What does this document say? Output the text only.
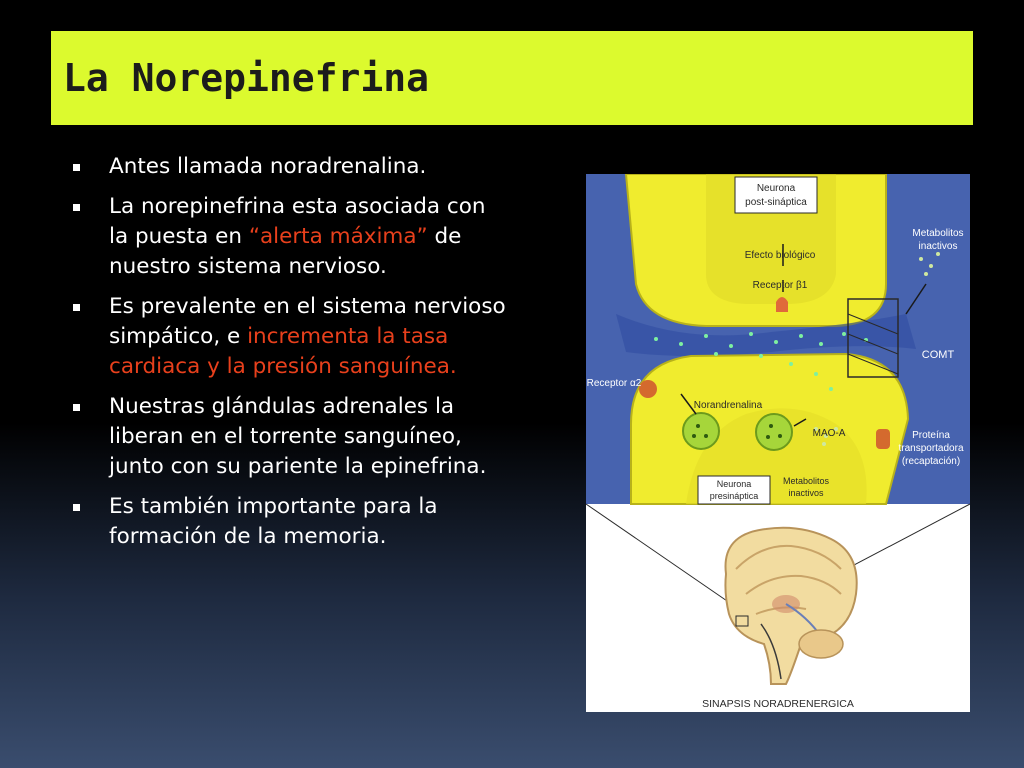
La Norepinefrina
Antes llamada noradrenalina.
La norepinefrina esta asociada con la puesta en “alerta máxima” de nuestro sistema nervioso.
Es prevalente en el sistema nervioso simpático, e incrementa la tasa cardiaca y la presión sanguínea.
Nuestras glándulas adrenales la liberan en el torrente sanguíneo, junto con su pariente la epinefrina.
Es también importante para la formación de la memoria.
Neurona
post-sináptica
Efecto biológico
Receptor β1
Metabolitos
inactivos
COMT
Receptor α2
Norandrenalina
MAO-A	Proteína
transportadora
(recaptación)
Neurona
presináptica
Metabolitos
inactivos
SINAPSIS NORADRENERGICA
